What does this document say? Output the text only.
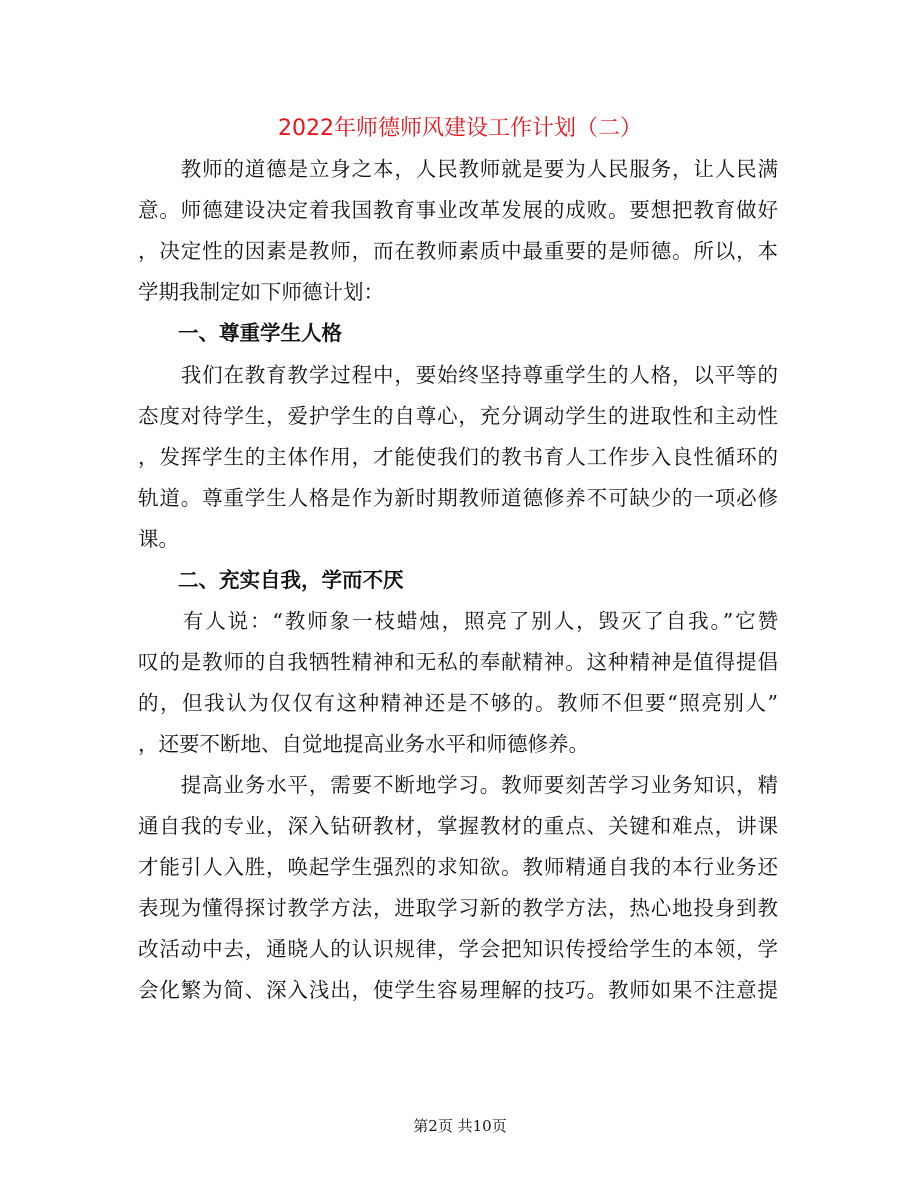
2022年师德师风建设工作计划（二）
　　教师的道德是立身之本，人民教师就是要为人民服务，让人民满
意。师德建设决定着我国教育事业改革发展的成败。要想把教育做好
，决定性的因素是教师，而在教师素质中最重要的是师德。所以，本
学期我制定如下师德计划：
一、尊重学生人格
　　我们在教育教学过程中，要始终坚持尊重学生的人格，以平等的
态度对待学生，爱护学生的自尊心，充分调动学生的进取性和主动性
，发挥学生的主体作用，才能使我们的教书育人工作步入良性循环的
轨道。尊重学生人格是作为新时期教师道德修养不可缺少的一项必修
课。
二、充实自我，学而不厌
　　有人说：“教师象一枝蜡烛，照亮了别人，毁灭了自我。”它赞
叹的是教师的自我牺牲精神和无私的奉献精神。这种精神是值得提倡
的，但我认为仅仅有这种精神还是不够的。教师不但要“照亮别人”
，还要不断地、自觉地提高业务水平和师德修养。
　　提高业务水平，需要不断地学习。教师要刻苦学习业务知识，精
通自我的专业，深入钻研教材，掌握教材的重点、关键和难点，讲课
才能引人入胜，唤起学生强烈的求知欲。教师精通自我的本行业务还
表现为懂得探讨教学方法，进取学习新的教学方法，热心地投身到教
改活动中去，通晓人的认识规律，学会把知识传授给学生的本领，学
会化繁为简、深入浅出，使学生容易理解的技巧。教师如果不注意提
第2页 共10页
